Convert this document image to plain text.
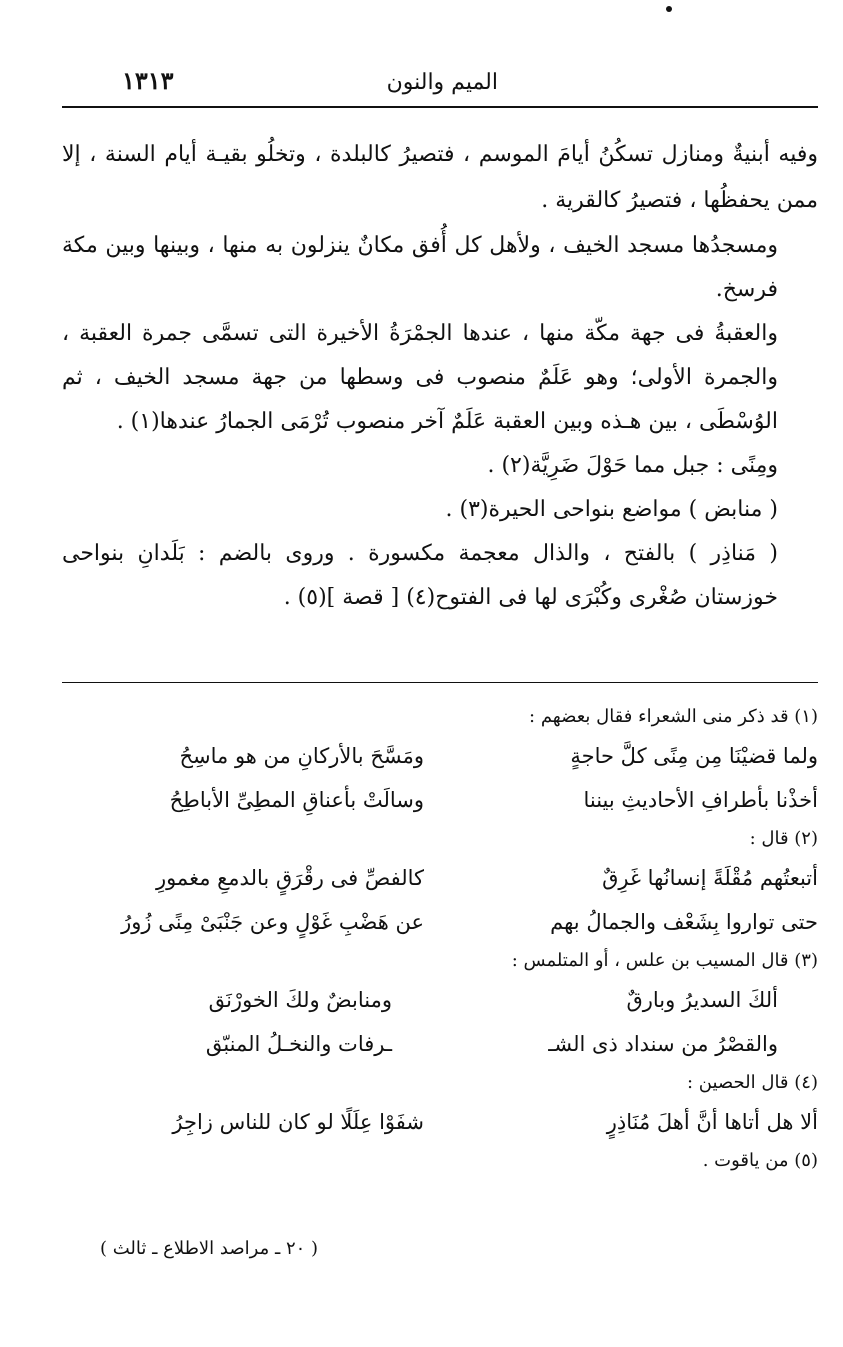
الميم والنون
١٣١٣

وفيه أبنيةٌ ومنازل تسكُنُ أيامَ الموسم ، فتصيرُ كالبلدة ، وتخلُو بقيـة أيام السنة ، إلا ممن يحفظُها ، فتصيرُ كالقرية .

ومسجدُها مسجد الخيف ، ولأهل كل أُفق مكانٌ ينزلون به منها ، وبينها وبين مكة فرسخ.

والعقبةُ فى جهة مكّة منها ، عندها الجمْرَةُ الأخيرة التى تسمَّى جمرة العقبة ، والجمرة الأولى؛ وهو عَلَمٌ منصوب فى وسطها من جهة مسجد الخيف ، ثم الوُسْطَى ، بين هـذه وبين العقبة عَلَمٌ آخر منصوب تُرْمَى الجمارُ عندها(١) .

ومِنًى : جبل مما حَوْلَ ضَرِيَّة(٢) .

( منابض ) مواضع بنواحى الحيرة(٣) .

( مَناذِر ) بالفتح ، والذال معجمة مكسورة . وروى بالضم : بَلَدانِ بنواحى خوزستان صُغْرى وكُبْرَى لها فى الفتوح(٤) [ قصة ](٥) .

(١) قد ذكر منى الشعراء فقال بعضهم :

ولما قضيْنَا مِن مِنًى كلَّ حاجةٍ
ومَسَّحَ بالأركانِ من هو ماسِحُ

أخذْنا بأطرافِ الأحاديثِ بيننا
وسالَتْ بأعناقِ المطِىِّ الأباطِحُ

(٢) قال :

أتبعتُهم مُقْلَةً إنسانُها غَرِقٌ
كالفصِّ فى رقْرَقٍ بالدمعِ مغمورِ

حتى تواروا بِشَعْف والجمالُ بهم
عن هَضْبِ غَوْلٍ وعن جَنْبَىْ مِنًى زُورُ

(٣) قال المسيب بن علس ، أو المتلمس :

ألكَ السديرُ وبارقٌ
ومنابضٌ ولكَ الخورْنَق

والقصْرُ من سنداد ذى الشـ
ـرفات والنخـلُ المنبّق

(٤) قال الحصين :

ألا هل أتاها أنَّ أهلَ مُنَاذِرٍ
شفَوْا عِلَلًا لو كان للناس زاجِرُ

(٥) من ياقوت .

( ٢٠ ـ مراصد الاطلاع ـ ثالث )
